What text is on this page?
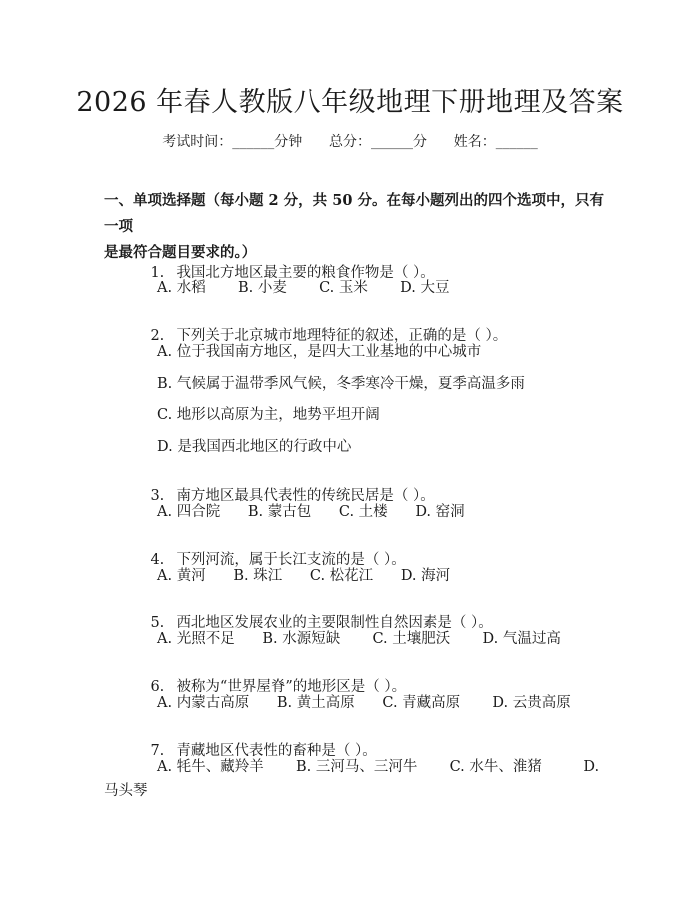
2026 年春人教版八年级地理下册地理及答案
考试时间：______分钟      总分：______分      姓名：______
一、单项选择题（每小题 2 分，共 50 分。在每小题列出的四个选项中，只有一项
是最符合题目要求的。）

1. 我国北方地区最主要的粮食作物是（ ）。

A. 水稻       B. 小麦       C. 玉米       D. 大豆

2. 下列关于北京城市地理特征的叙述，正确的是（ ）。

A. 位于我国南方地区，是四大工业基地的中心城市
B. 气候属于温带季风气候，冬季寒冷干燥，夏季高温多雨
C. 地形以高原为主，地势平坦开阔
D. 是我国西北地区的行政中心

3. 南方地区最具代表性的传统民居是（ ）。

A. 四合院      B. 蒙古包      C. 土楼      D. 窑洞

4. 下列河流，属于长江支流的是（ ）。

A. 黄河      B. 珠江      C. 松花江      D. 海河

5. 西北地区发展农业的主要限制性自然因素是（ ）。

A. 光照不足      B. 水源短缺       C. 土壤肥沃       D. 气温过高

6. 被称为“世界屋脊”的地形区是（ ）。

A. 内蒙古高原      B. 黄土高原      C. 青藏高原       D. 云贵高原

7. 青藏地区代表性的畜种是（ ）。

A. 牦牛、藏羚羊       B. 三河马、三河牛       C. 水牛、淮猪         D.
马头琴
